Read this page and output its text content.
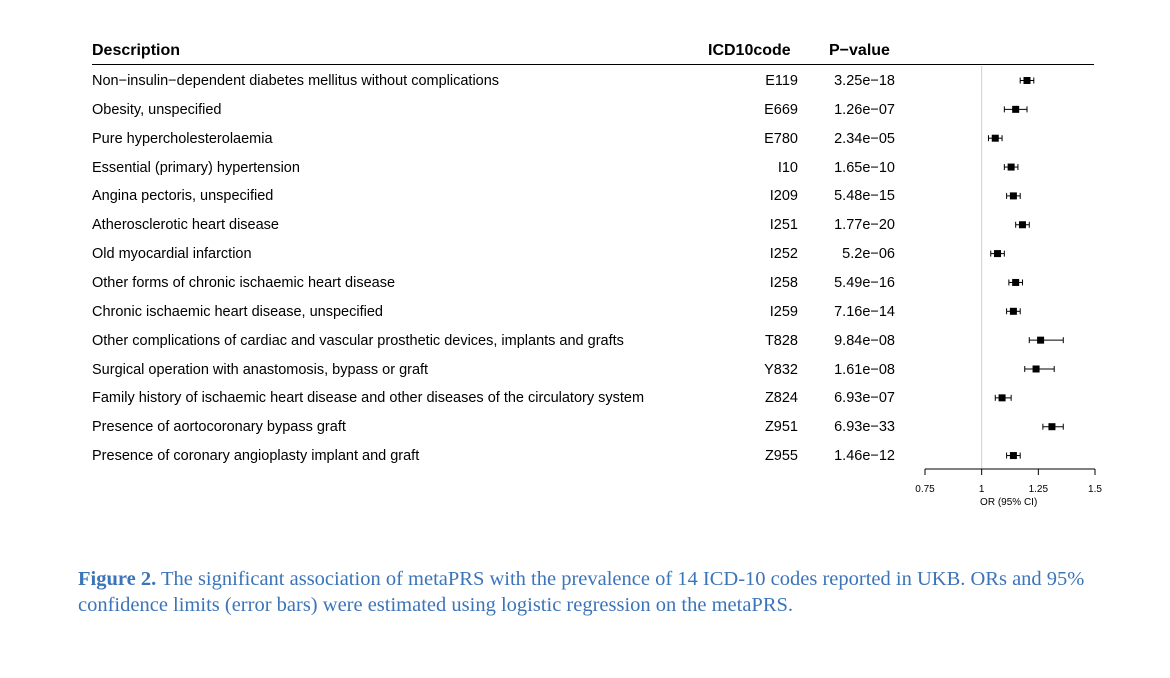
Description	ICD10code P−value
Non−insulin−dependent diabetes mellitus without complications	E119 3.25e−18
Obesity, unspecified	E669 1.26e−07
Pure hypercholesterolaemia	E780 2.34e−05
Essential (primary) hypertension	I10 1.65e−10
Angina pectoris, unspecified	I209 5.48e−15
Atherosclerotic heart disease	I251 1.77e−20
Old myocardial infarction	I252	5.2e−06
Other forms of chronic ischaemic heart disease	I258 5.49e−16
Chronic ischaemic heart disease, unspecified	I259 7.16e−14
Other complications of cardiac and vascular prosthetic devices, implants and grafts	T828 9.84e−08
Surgical operation with anastomosis, bypass or graft	Y832 1.61e−08
Family history of ischaemic heart disease and other diseases of the circulatory system	Z824 6.93e−07
Presence of aortocoronary bypass graft	Z951 6.93e−33
Presence of coronary angioplasty implant and graft	Z955 1.46e−12
0.75	1	1.25	1.5
OR (95% CI)
Figure 2. The significant association of metaPRS with the prevalence of 14 ICD-10 codes reported in UKB. ORs and 95% confidence limits (error bars) were estimated using logistic regression on the metaPRS.
